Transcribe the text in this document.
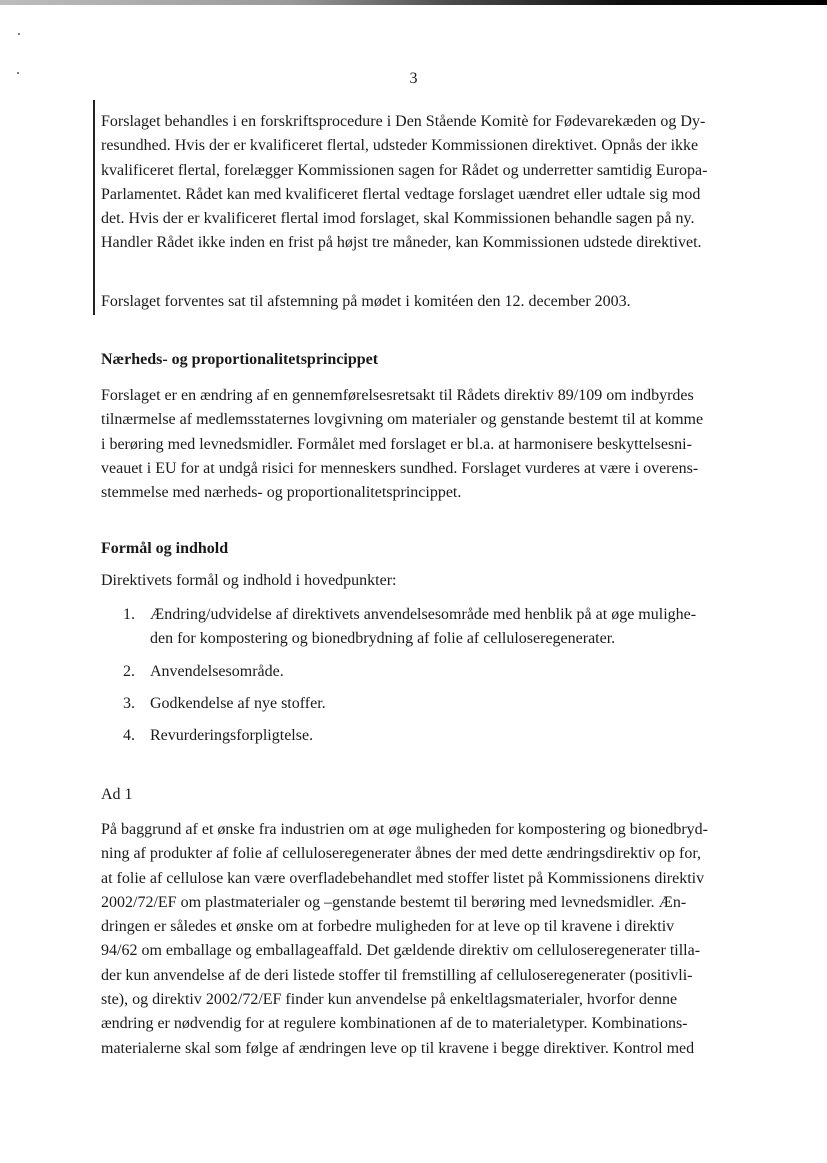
3
Forslaget behandles i en forskriftsprocedure i Den Stående Komitè for Fødevarekæden og Dy-
resundhed. Hvis der er kvalificeret flertal, udsteder Kommissionen direktivet. Opnås der ikke
kvalificeret flertal, forelægger Kommissionen sagen for Rådet og underretter samtidig Europa-
Parlamentet. Rådet kan med kvalificeret flertal vedtage forslaget uændret eller udtale sig mod
det. Hvis der er kvalificeret flertal imod forslaget, skal Kommissionen behandle sagen på ny.
Handler Rådet ikke inden en frist på højst tre måneder, kan Kommissionen udstede direktivet.
Forslaget forventes sat til afstemning på mødet i komitéen den 12. december 2003.
Nærheds- og proportionalitetsprincippet
Forslaget er en ændring af en gennemførelsesretsakt til Rådets direktiv 89/109 om indbyrdes
tilnærmelse af medlemsstaternes lovgivning om materialer og genstande bestemt til at komme
i berøring med levnedsmidler. Formålet med forslaget er bl.a. at harmonisere beskyttelsesni-
veauet i EU for at undgå risici for menneskers sundhed. Forslaget vurderes at være i overens-
stemmelse med nærheds- og proportionalitetsprincippet.
Formål og indhold
Direktivets formål og indhold i hovedpunkter:
1. Ændring/udvidelse af direktivets anvendelsesområde med henblik på at øge mulighe-
den for kompostering og bionedbrydning af folie af celluloseregenerater.
2. Anvendelsesområde.
3. Godkendelse af nye stoffer.
4. Revurderingsforpligtelse.
Ad 1
På baggrund af et ønske fra industrien om at øge muligheden for kompostering og bionedbryd-
ning af produkter af folie af celluloseregenerater åbnes der med dette ændringsdirektiv op for,
at folie af cellulose kan være overfladebehandlet med stoffer listet på Kommissionens direktiv
2002/72/EF om plastmaterialer og –genstande bestemt til berøring med levnedsmidler. Æn-
dringen er således et ønske om at forbedre muligheden for at leve op til kravene i direktiv
94/62 om emballage og emballageaffald. Det gældende direktiv om celluloseregenerater tilla-
der kun anvendelse af de deri listede stoffer til fremstilling af celluloseregenerater (positivli-
ste), og direktiv 2002/72/EF finder kun anvendelse på enkeltlagsmaterialer, hvorfor denne
ændring er nødvendig for at regulere kombinationen af de to materialetyper. Kombinations-
materialerne skal som følge af ændringen leve op til kravene i begge direktiver. Kontrol med
